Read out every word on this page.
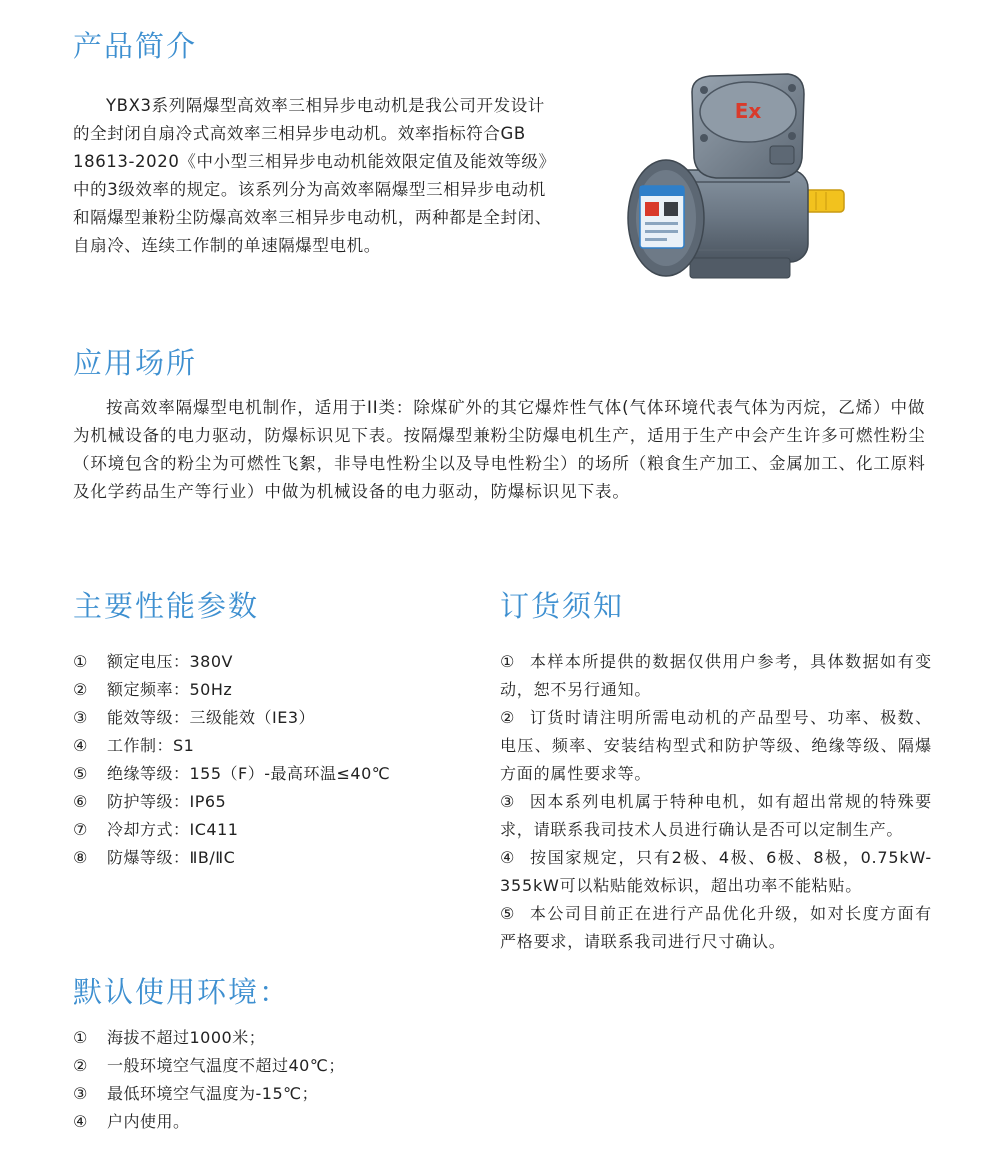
产品简介

YBX3系列隔爆型高效率三相异步电动机是我公司开发设计的全封闭自扇冷式高效率三相异步电动机。效率指标符合GB 18613-2020《中小型三相异步电动机能效限定值及能效等级》中的3级效率的规定。该系列分为高效率隔爆型三相异步电动机和隔爆型兼粉尘防爆高效率三相异步电动机，两种都是全封闭、自扇冷、连续工作制的单速隔爆型电机。

Ex
应用场所

按高效率隔爆型电机制作，适用于II类：除煤矿外的其它爆炸性气体(气体环境代表气体为丙烷，乙烯）中做为机械设备的电力驱动，防爆标识见下表。按隔爆型兼粉尘防爆电机生产，适用于生产中会产生许多可燃性粉尘（环境包含的粉尘为可燃性飞絮，非导电性粉尘以及导电性粉尘）的场所（粮食生产加工、金属加工、化工原料及化学药品生产等行业）中做为机械设备的电力驱动，防爆标识见下表。

主要性能参数
①	额定电压：380V
②	额定频率：50Hz
③	能效等级：三级能效（IE3）
④	工作制：S1
⑤	绝缘等级：155（F）-最高环温≤40℃
⑥	防护等级：IP65
⑦	冷却方式：IC411
⑧	防爆等级：ⅡB/ⅡC
订货须知
① 本样本所提供的数据仅供用户参考，具体数据如有变动，恕不另行通知。
② 订货时请注明所需电动机的产品型号、功率、极数、电压、频率、安装结构型式和防护等级、绝缘等级、隔爆方面的属性要求等。
③ 因本系列电机属于特种电机，如有超出常规的特殊要求，请联系我司技术人员进行确认是否可以定制生产。
④ 按国家规定，只有2极、4极、6极、8极，0.75kW-355kW可以粘贴能效标识，超出功率不能粘贴。
⑤ 本公司目前正在进行产品优化升级，如对长度方面有严格要求，请联系我司进行尺寸确认。
默认使用环境：
①	海拔不超过1000米；
②	一般环境空气温度不超过40℃；
③	最低环境空气温度为-15℃；
④	户内使用。
